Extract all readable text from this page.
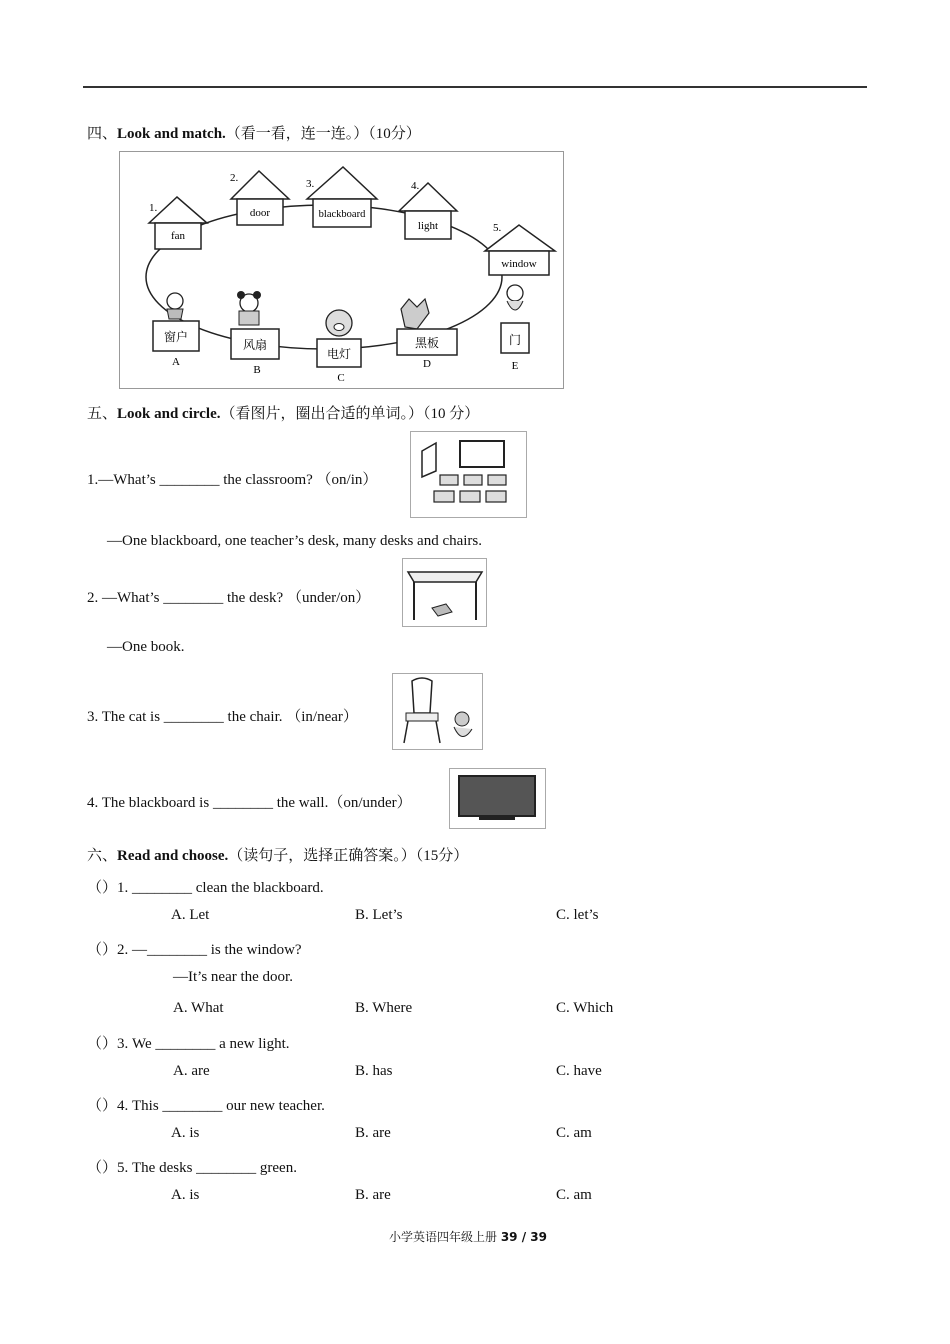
四、Look and match.（看一看，连一连。）（10分）
1.
fan
2.
door
3.
blackboard
4.
light	5.
window
窗户
A
风扇
B
电灯
C
黑板
D
门
E
五、Look and circle.（看图片，圈出合适的单词。）（10 分）
1.—What’s ________ the classroom? （on/in）
—One blackboard, one teacher’s desk, many desks and chairs.
2. —What’s ________ the desk? （under/on）
—One book.
3. The cat is ________ the chair. （in/near）
4. The blackboard is ________ the wall.（on/under）
六、Read and choose.（读句子，选择正确答案。）（15分）
（）1. ________ clean the blackboard.
A. Let	B. Let’s	C. let’s
（）2. —________ is the window?
—It’s near the door.
A. What	B. Where	C. Which
（）3. We ________ a new light.
A. are	B. has	C. have
（）4. This ________ our new teacher.
A. is	B. are	C. am
（）5. The desks ________ green.
A. is	B. are	C. am
小学英语四年级上册 39 / 39
